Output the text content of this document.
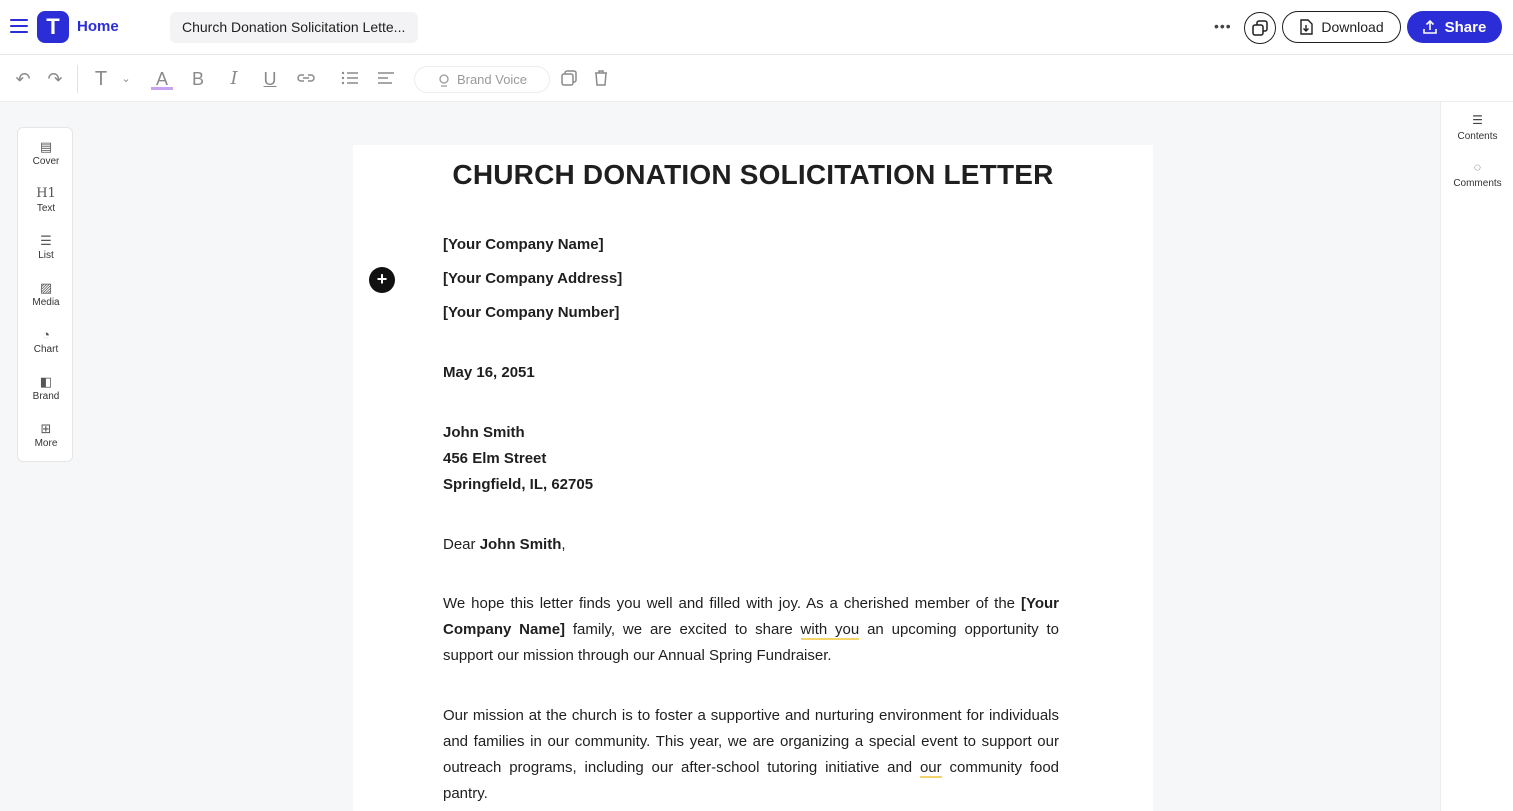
T	Home	Church Donation Solicitation Lette...	•••	Download	Share
↶ ↷ T	⌄	A B	I	U	Brand Voice
▤
Cover
H1
Text
☰
List
▨
Media
◔
Chart
◧
Brand
⊞
More
☰
Contents
◌
Comments
CHURCH DONATION SOLICITATION LETTER
+
[Your Company Name]
[Your Company Address]
[Your Company Number]
May 16, 2051
John Smith
456 Elm Street
Springfield, IL, 62705
Dear John Smith,
We hope this letter finds you well and filled with joy. As a cherished member of the [Your Company Name] family, we are excited to share with you an upcoming opportunity to support our mission through our Annual Spring Fundraiser.
Our mission at the church is to foster a supportive and nurturing environment for individuals and families in our community. This year, we are organizing a special event to support our outreach programs, including our after-school tutoring initiative and our community food pantry.
